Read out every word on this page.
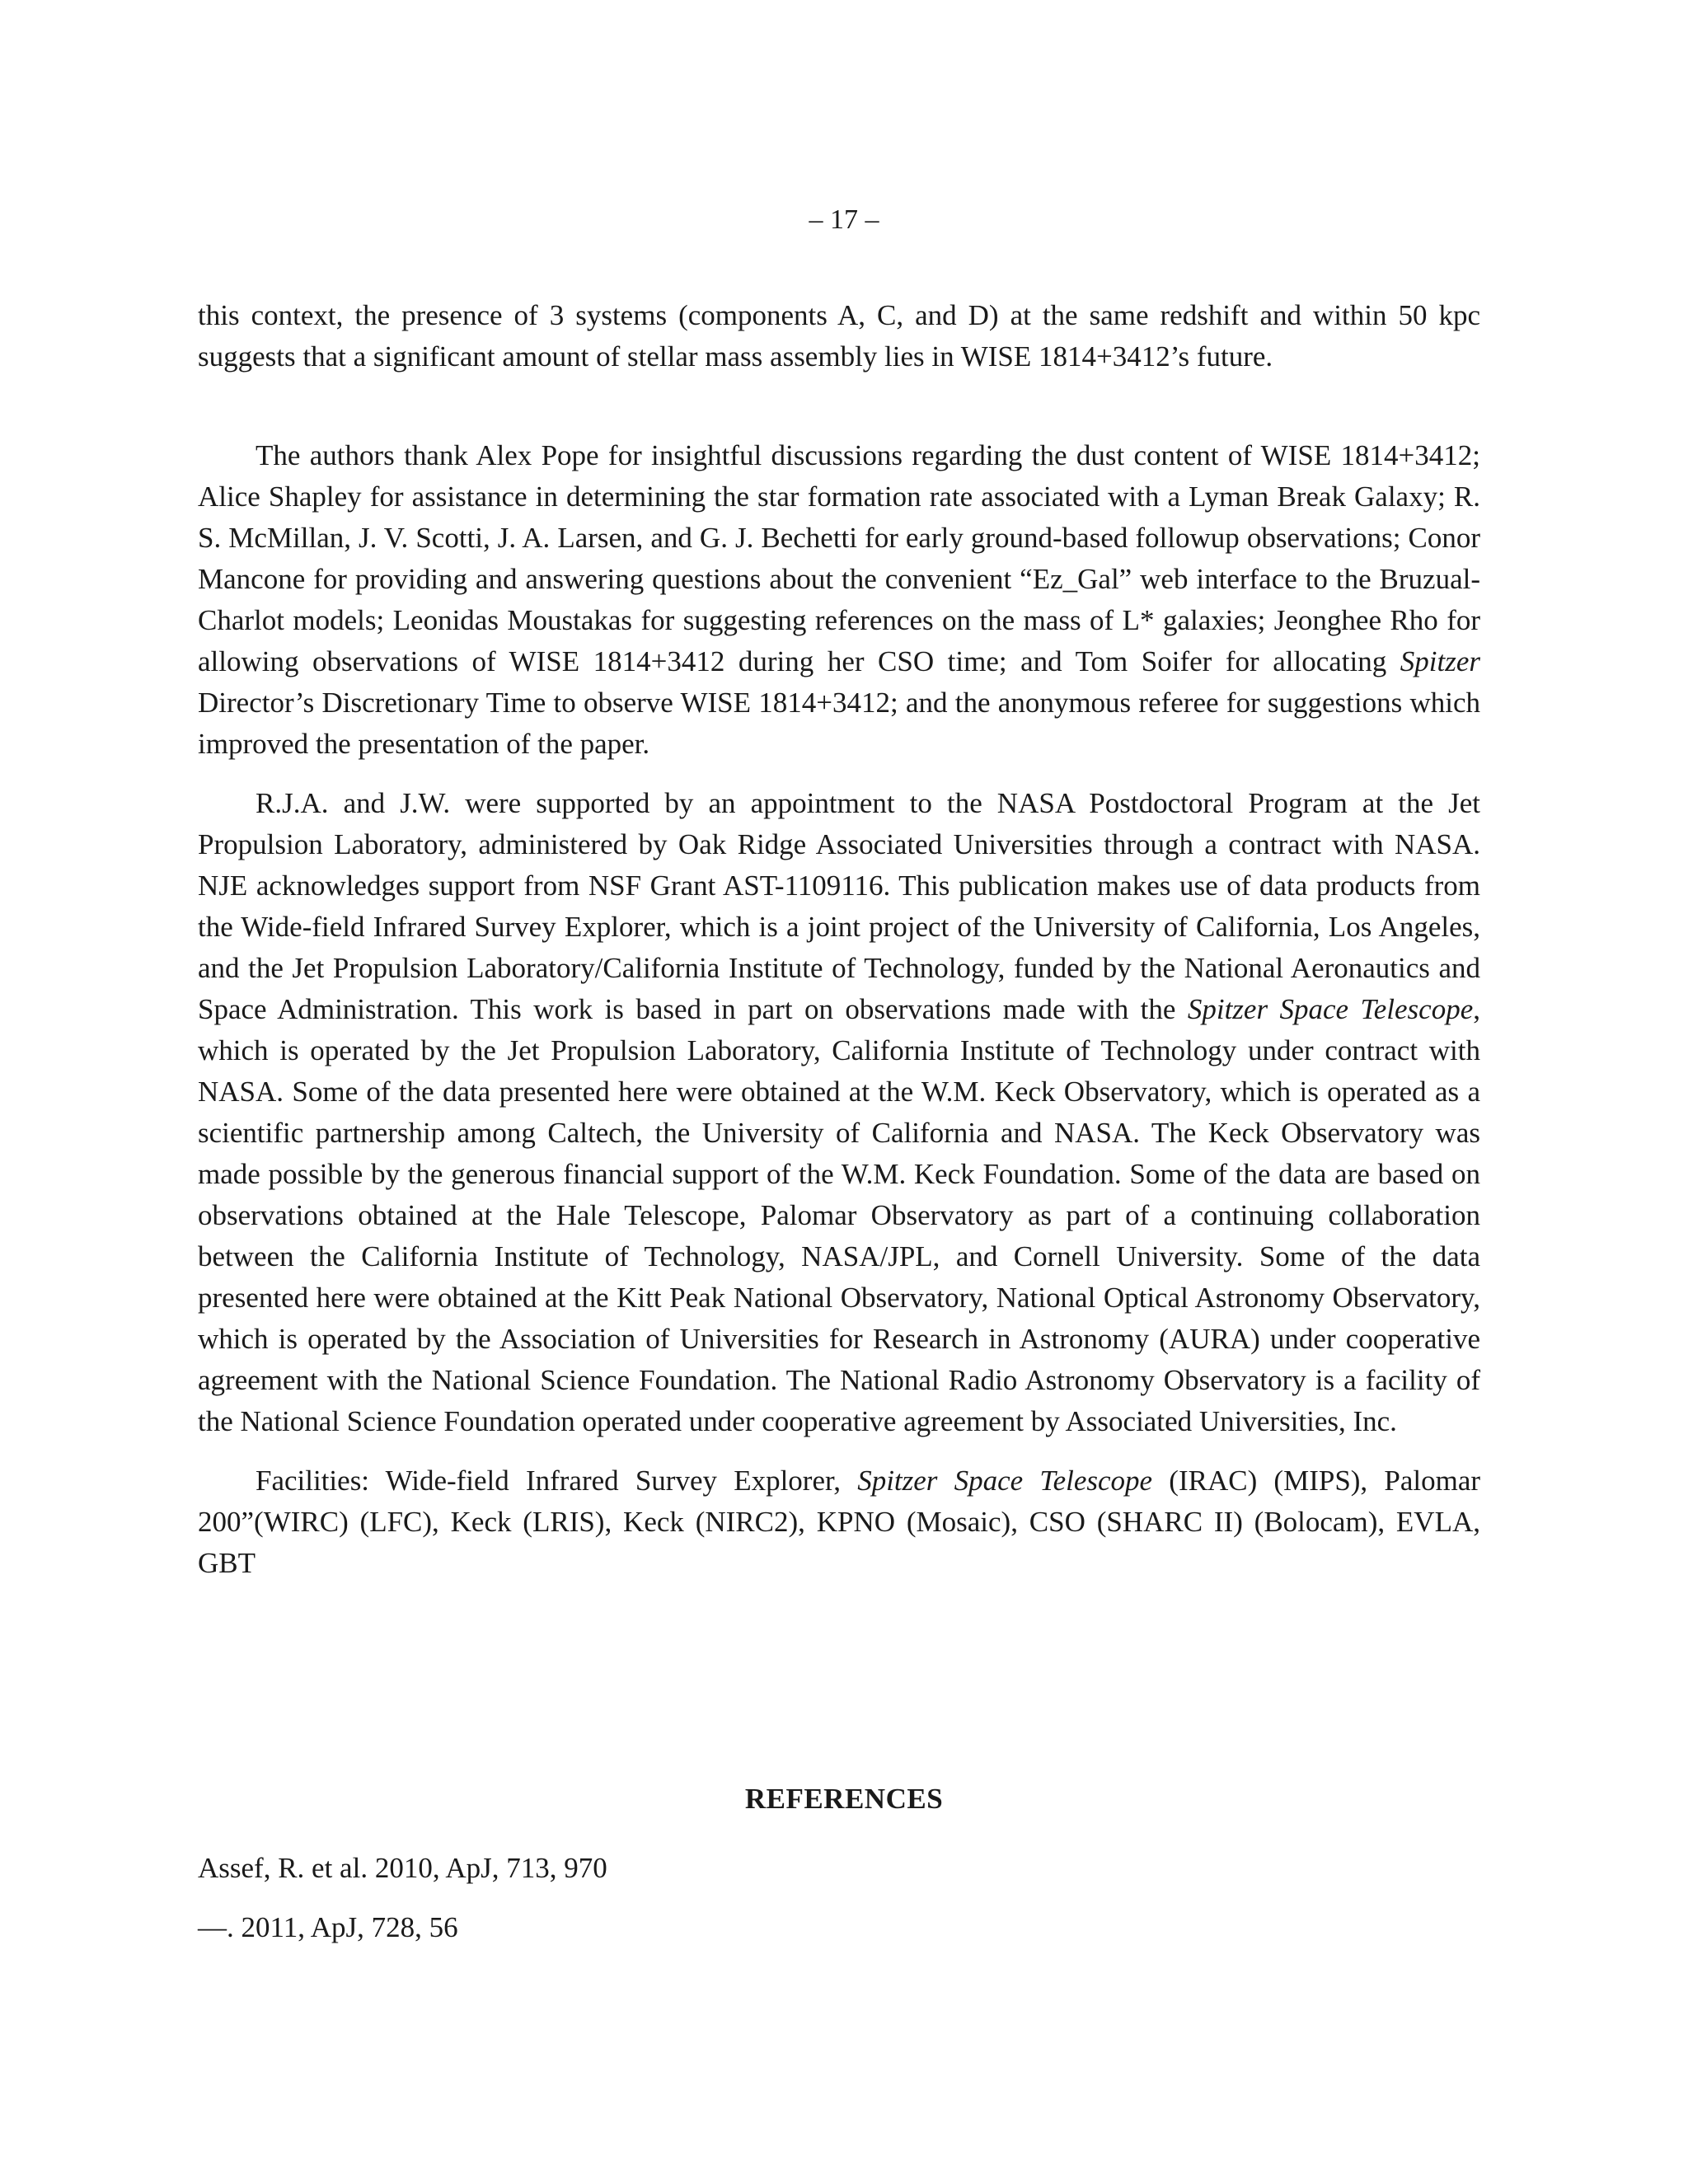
– 17 –

this context, the presence of 3 systems (components A, C, and D) at the same redshift and within 50 kpc suggests that a significant amount of stellar mass assembly lies in WISE 1814+3412’s future.

The authors thank Alex Pope for insightful discussions regarding the dust content of WISE 1814+3412; Alice Shapley for assistance in determining the star formation rate associated with a Lyman Break Galaxy; R. S. McMillan, J. V. Scotti, J. A. Larsen, and G. J. Bechetti for early ground-based followup observations; Conor Mancone for providing and answering questions about the convenient “Ez_Gal” web interface to the Bruzual-Charlot models; Leonidas Moustakas for suggesting references on the mass of L* galaxies; Jeonghee Rho for allowing observations of WISE 1814+3412 during her CSO time; and Tom Soifer for allocating Spitzer Director’s Discretionary Time to observe WISE 1814+3412; and the anonymous referee for suggestions which improved the presentation of the paper.

R.J.A. and J.W. were supported by an appointment to the NASA Postdoctoral Program at the Jet Propulsion Laboratory, administered by Oak Ridge Associated Universities through a contract with NASA. NJE acknowledges support from NSF Grant AST-1109116. This publication makes use of data products from the Wide-field Infrared Survey Explorer, which is a joint project of the University of California, Los Angeles, and the Jet Propulsion Laboratory/California Institute of Technology, funded by the National Aeronautics and Space Administration. This work is based in part on observations made with the Spitzer Space Telescope, which is operated by the Jet Propulsion Laboratory, California Institute of Technology under contract with NASA. Some of the data presented here were obtained at the W.M. Keck Observatory, which is operated as a scientific partnership among Caltech, the University of California and NASA. The Keck Observatory was made possible by the generous financial support of the W.M. Keck Foundation. Some of the data are based on observations obtained at the Hale Telescope, Palomar Observatory as part of a continuing collaboration between the California Institute of Technology, NASA/JPL, and Cornell University. Some of the data presented here were obtained at the Kitt Peak National Observatory, National Optical Astronomy Observatory, which is operated by the Association of Universities for Research in Astronomy (AURA) under cooperative agreement with the National Science Foundation. The National Radio Astronomy Observatory is a facility of the National Science Foundation operated under cooperative agreement by Associated Universities, Inc.

Facilities: Wide-field Infrared Survey Explorer, Spitzer Space Telescope (IRAC) (MIPS), Palomar 200”(WIRC) (LFC), Keck (LRIS), Keck (NIRC2), KPNO (Mosaic), CSO (SHARC II) (Bolocam), EVLA, GBT

REFERENCES

Assef, R. et al. 2010, ApJ, 713, 970

—. 2011, ApJ, 728, 56
